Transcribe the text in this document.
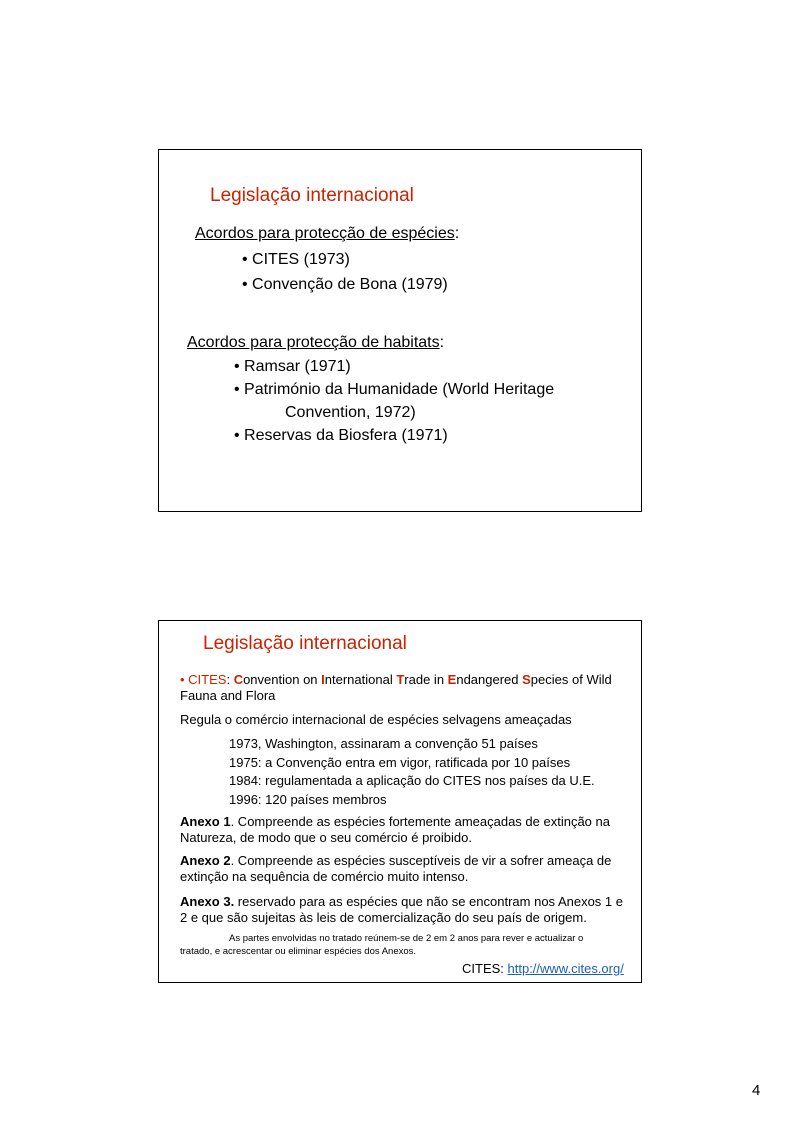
Legislação internacional
Acordos para protecção de espécies:
• CITES (1973)
• Convenção de Bona (1979)
Acordos para protecção de habitats:
• Ramsar (1971)
• Património da Humanidade (World Heritage
Convention, 1972)
• Reservas da Biosfera (1971)
Legislação internacional
• CITES: Convention on International Trade in Endangered Species of Wild Fauna and Flora
Regula o comércio internacional de espécies selvagens ameaçadas
1973, Washington, assinaram a convenção 51 países
1975: a Convenção entra em vigor, ratificada por 10 países
1984: regulamentada a aplicação do CITES nos países da U.E.
1996: 120 países membros
Anexo 1. Compreende as espécies fortemente ameaçadas de extinção na Natureza, de modo que o seu comércio é proibido.
Anexo 2. Compreende as espécies susceptíveis de vir a sofrer ameaça de extinção na sequência de comércio muito intenso.
Anexo 3. reservado para as espécies que não se encontram nos Anexos 1 e 2 e que são sujeitas às leis de comercialização do seu país de origem.
As partes envolvidas no tratado reúnem-se de 2 em 2 anos para rever e actualizar o
tratado, e acrescentar ou eliminar espécies dos Anexos.
CITES: http://www.cites.org/
4
